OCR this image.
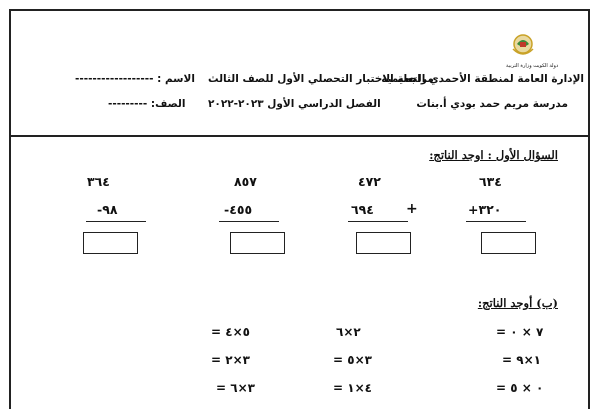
دولة الكويت وزارة التربية
الإدارة العامة لمنطقة الأحمدي التعليمية
مدرسة مريم حمد بودي أ.بنات
مراجعة الاختبار التحصلي الأول للصف الثالث
الفصل الدراسي الأول ٢٠٢٣-٢٠٢٢
الاسم : ------------------
الصف: ---------
السؤال الأول : اوجد الناتج:
٦٣٤
+٣٢٠
٤٧٢
٦٩٤ +
٨٥٧
-٤٥٥
٣٦٤
-٩٨
(ب) أوجد الناتج:
٧ × ٠ =
٢×٦
٥×٤ =
١×٩ =
٣×٥ =
٣×٢ =
٠ × ٥ =
٤×١ =
٣×٦ =
